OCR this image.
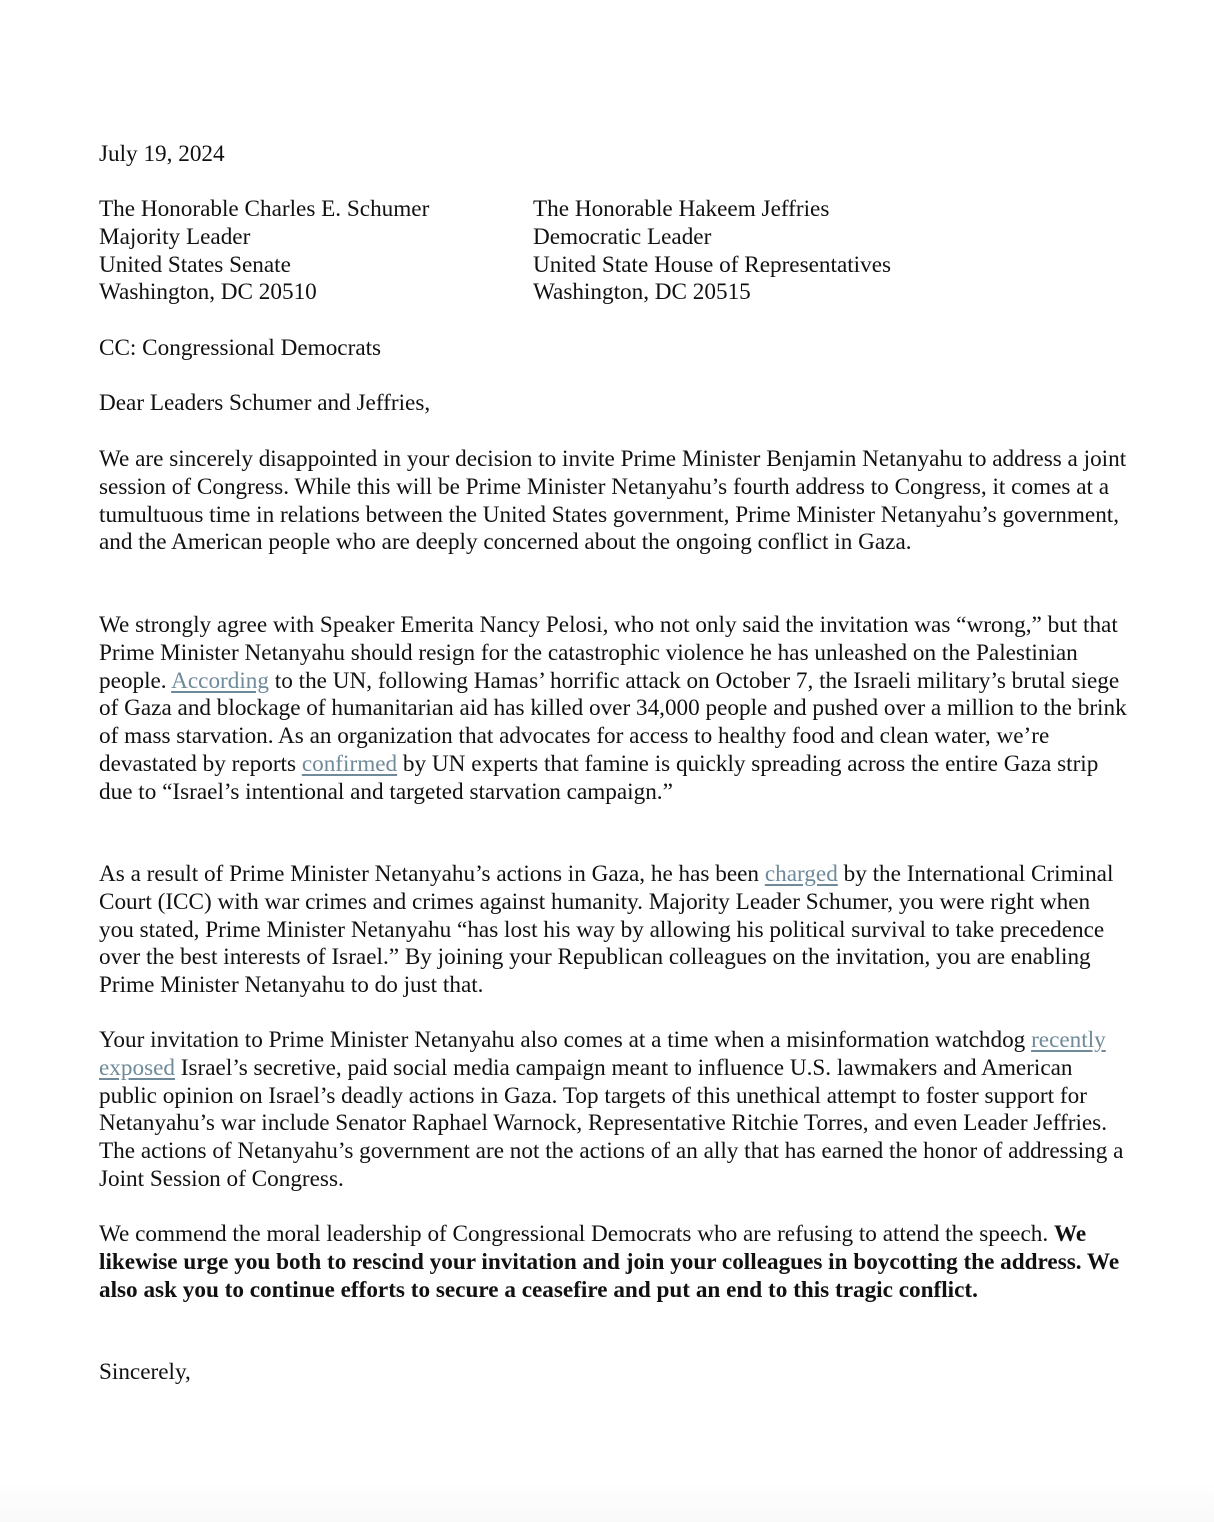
July 19, 2024

The Honorable Charles E. Schumer
Majority Leader
United States Senate
Washington, DC 20510
The Honorable Hakeem Jeffries
Democratic Leader
United State House of Representatives
Washington, DC 20515

CC: Congressional Democrats

Dear Leaders Schumer and Jeffries,

We are sincerely disappointed in your decision to invite Prime Minister Benjamin Netanyahu to address a joint session of Congress. While this will be Prime Minister Netanyahu’s fourth address to Congress, it comes at a tumultuous time in relations between the United States government, Prime Minister Netanyahu’s government, and the American people who are deeply concerned about the ongoing conflict in Gaza.

We strongly agree with Speaker Emerita Nancy Pelosi, who not only said the invitation was “wrong,” but that Prime Minister Netanyahu should resign for the catastrophic violence he has unleashed on the Palestinian people. According to the UN, following Hamas’ horrific attack on October 7, the Israeli military’s brutal siege of Gaza and blockage of humanitarian aid has killed over 34,000 people and pushed over a million to the brink of mass starvation. As an organization that advocates for access to healthy food and clean water, we’re devastated by reports confirmed by UN experts that famine is quickly spreading across the entire Gaza strip due to “Israel’s intentional and targeted starvation campaign.”

As a result of Prime Minister Netanyahu’s actions in Gaza, he has been charged by the International Criminal Court (ICC) with war crimes and crimes against humanity. Majority Leader Schumer, you were right when you stated, Prime Minister Netanyahu “has lost his way by allowing his political survival to take precedence over the best interests of Israel.” By joining your Republican colleagues on the invitation, you are enabling Prime Minister Netanyahu to do just that.

Your invitation to Prime Minister Netanyahu also comes at a time when a misinformation watchdog recently exposed Israel’s secretive, paid social media campaign meant to influence U.S. lawmakers and American public opinion on Israel’s deadly actions in Gaza. Top targets of this unethical attempt to foster support for Netanyahu’s war include Senator Raphael Warnock, Representative Ritchie Torres, and even Leader Jeffries. The actions of Netanyahu’s government are not the actions of an ally that has earned the honor of addressing a Joint Session of Congress.

We commend the moral leadership of Congressional Democrats who are refusing to attend the speech. We likewise urge you both to rescind your invitation and join your colleagues in boycotting the address. We also ask you to continue efforts to secure a ceasefire and put an end to this tragic conflict.

Sincerely,
